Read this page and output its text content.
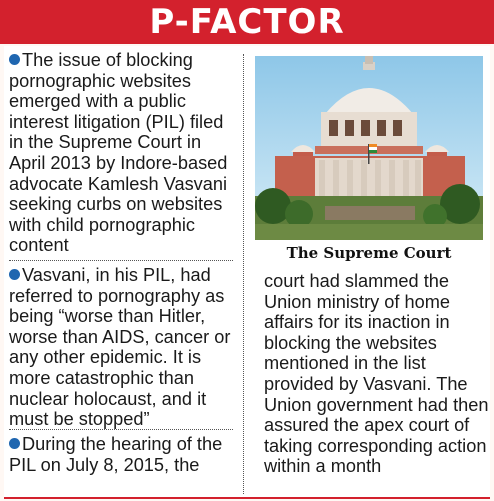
P-FACTOR

The issue of blocking pornographic websites emerged with a public interest litigation (PIL) filed in the Supreme Court in April 2013 by Indore-based advocate Kamlesh Vasvani seeking curbs on websites with child pornographic content

Vasvani, in his PIL, had referred to pornography as being “worse than Hitler, worse than AIDS, cancer or any other epidemic. It is more catastrophic than nuclear holocaust, and it must be stopped”

During the hearing of the PIL on July 8, 2015, the

The Supreme Court

court had slammed the Union ministry of home affairs for its inaction in blocking the websites mentioned in the list provided by Vasvani. The Union government had then assured the apex court of taking corresponding action within a month
